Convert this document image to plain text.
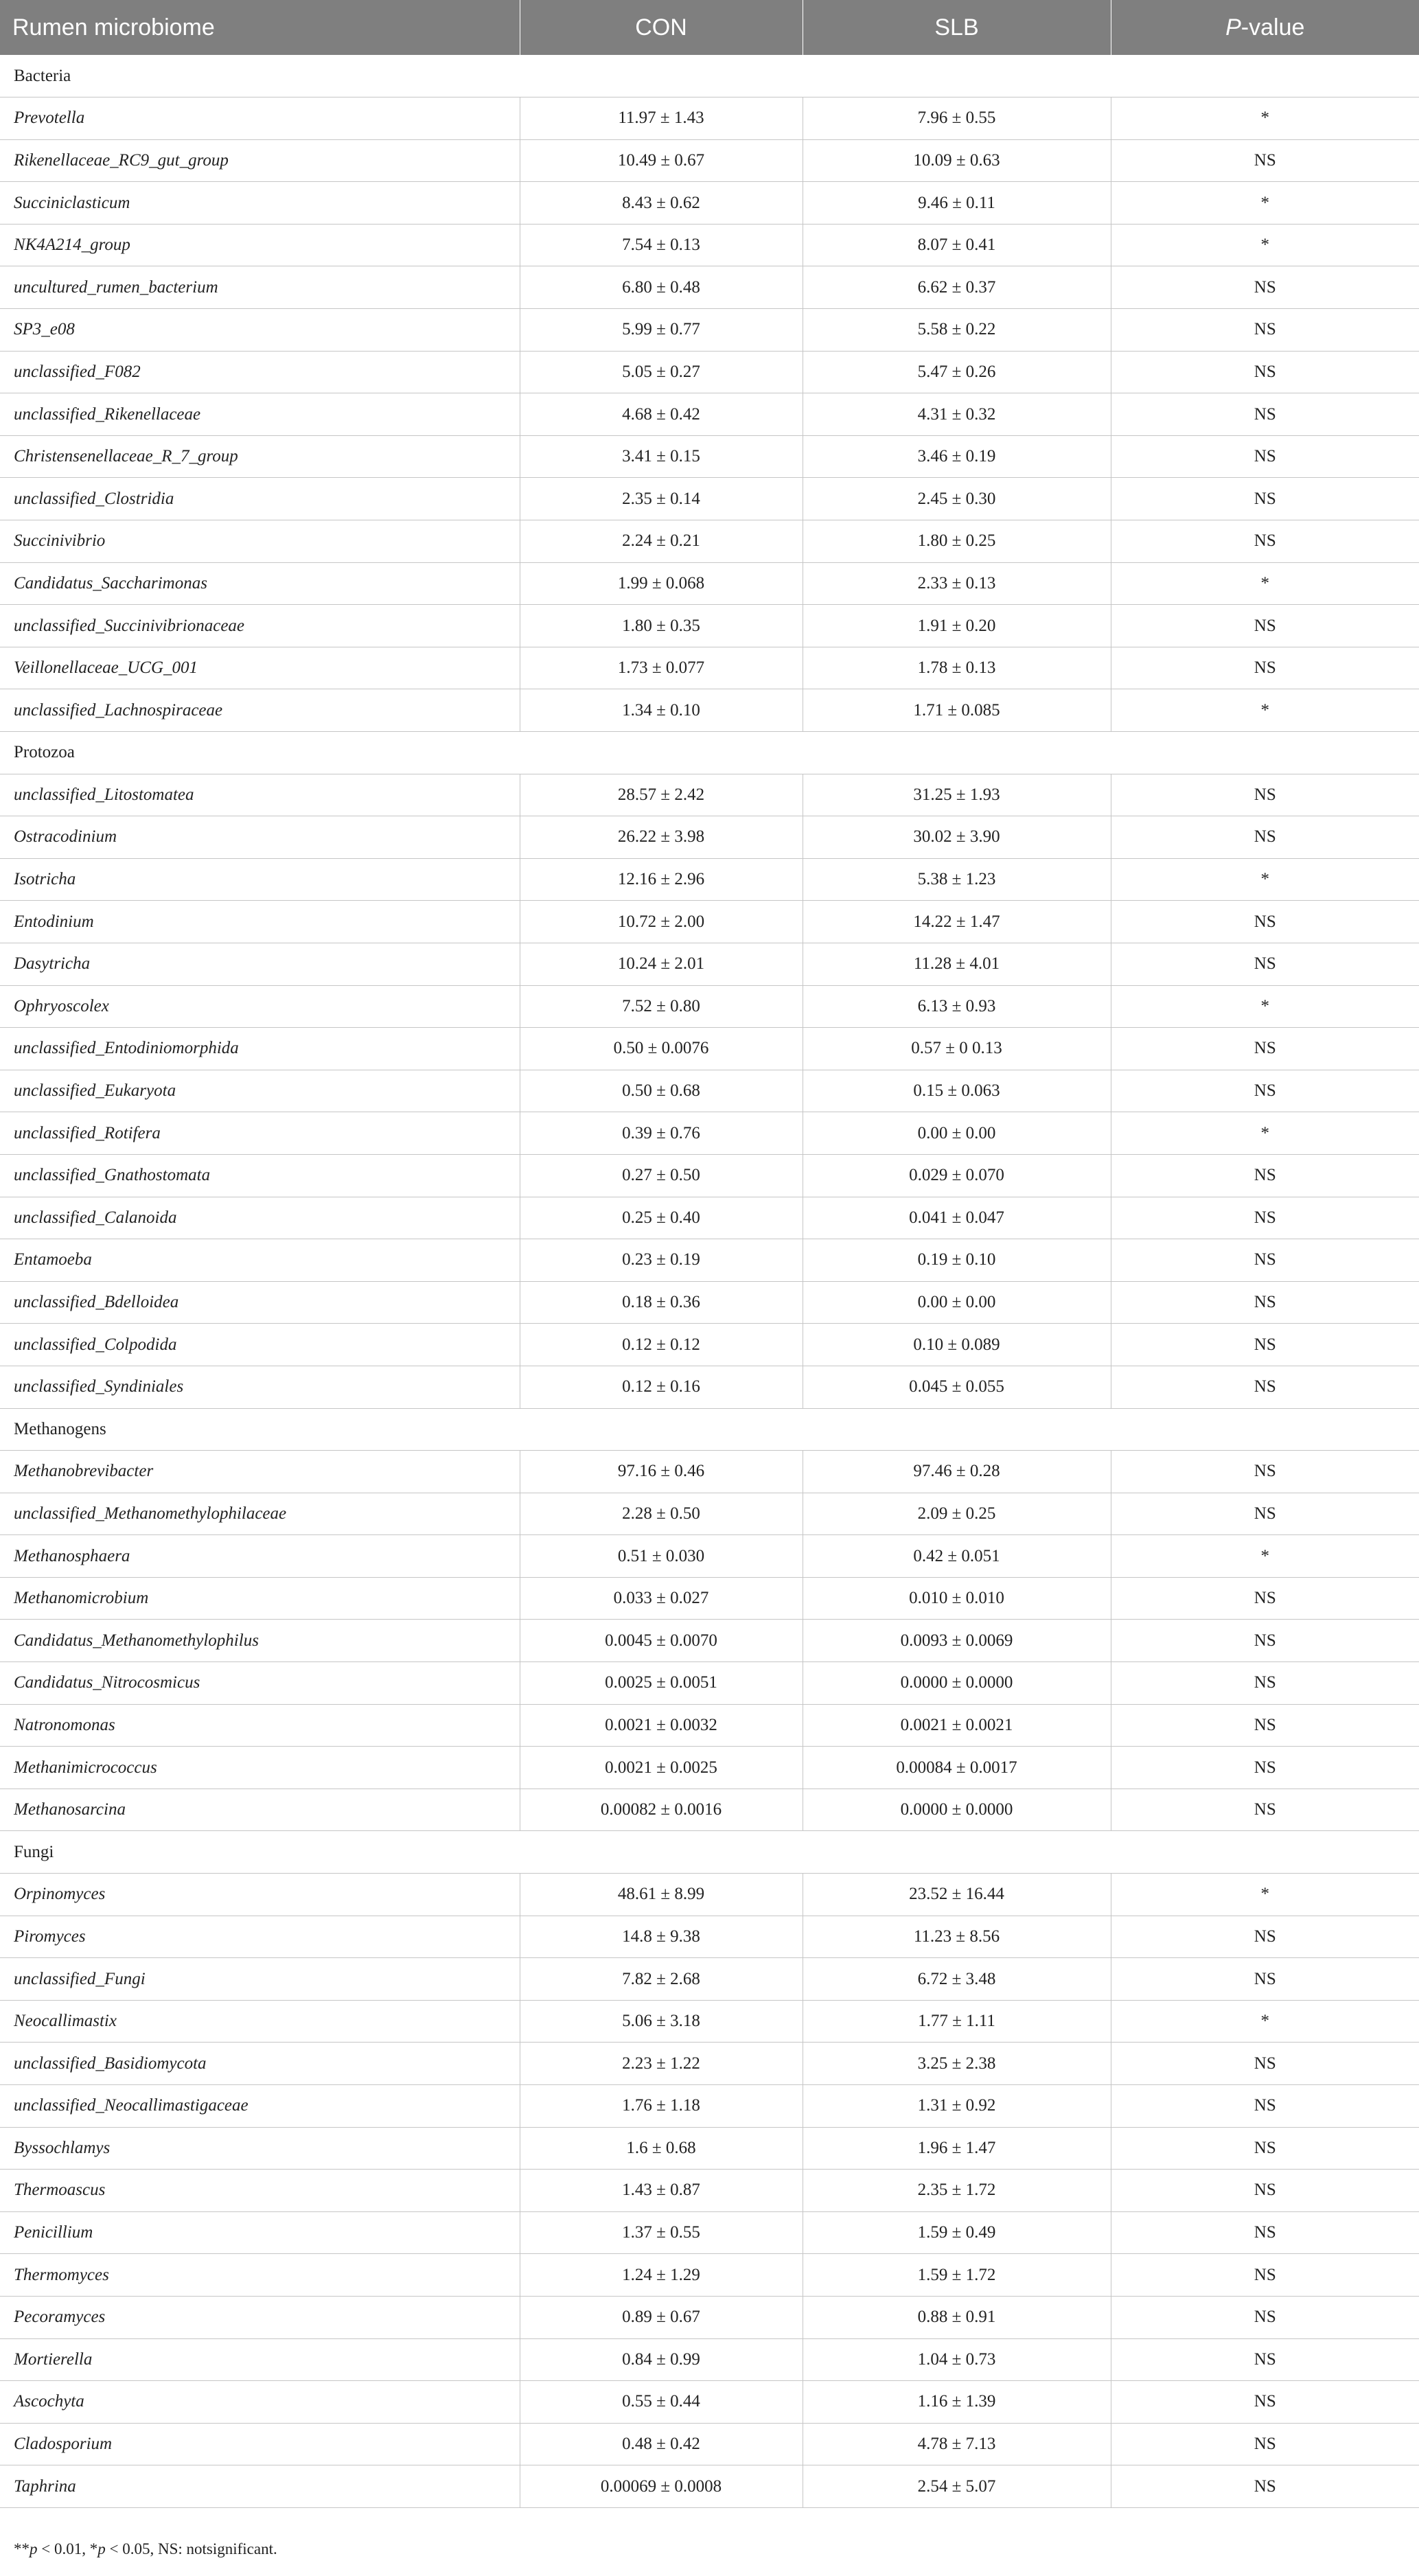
Rumen microbiome	CON	SLB	P-value
Bacteria			
Prevotella	11.97 ± 1.43	7.96 ± 0.55	*
Rikenellaceae_RC9_gut_group	10.49 ± 0.67	10.09 ± 0.63	NS
Succiniclasticum	8.43 ± 0.62	9.46 ± 0.11	*
NK4A214_group	7.54 ± 0.13	8.07 ± 0.41	*
uncultured_rumen_bacterium	6.80 ± 0.48	6.62 ± 0.37	NS
SP3_e08	5.99 ± 0.77	5.58 ± 0.22	NS
unclassified_F082	5.05 ± 0.27	5.47 ± 0.26	NS
unclassified_Rikenellaceae	4.68 ± 0.42	4.31 ± 0.32	NS
Christensenellaceae_R_7_group	3.41 ± 0.15	3.46 ± 0.19	NS
unclassified_Clostridia	2.35 ± 0.14	2.45 ± 0.30	NS
Succinivibrio	2.24 ± 0.21	1.80 ± 0.25	NS
Candidatus_Saccharimonas	1.99 ± 0.068	2.33 ± 0.13	*
unclassified_Succinivibrionaceae	1.80 ± 0.35	1.91 ± 0.20	NS
Veillonellaceae_UCG_001	1.73 ± 0.077	1.78 ± 0.13	NS
unclassified_Lachnospiraceae	1.34 ± 0.10	1.71 ± 0.085	*
Protozoa			
unclassified_Litostomatea	28.57 ± 2.42	31.25 ± 1.93	NS
Ostracodinium	26.22 ± 3.98	30.02 ± 3.90	NS
Isotricha	12.16 ± 2.96	5.38 ± 1.23	*
Entodinium	10.72 ± 2.00	14.22 ± 1.47	NS
Dasytricha	10.24 ± 2.01	11.28 ± 4.01	NS
Ophryoscolex	7.52 ± 0.80	6.13 ± 0.93	*
unclassified_Entodiniomorphida	0.50 ± 0.0076	0.57 ± 0 0.13	NS
unclassified_Eukaryota	0.50 ± 0.68	0.15 ± 0.063	NS
unclassified_Rotifera	0.39 ± 0.76	0.00 ± 0.00	*
unclassified_Gnathostomata	0.27 ± 0.50	0.029 ± 0.070	NS
unclassified_Calanoida	0.25 ± 0.40	0.041 ± 0.047	NS
Entamoeba	0.23 ± 0.19	0.19 ± 0.10	NS
unclassified_Bdelloidea	0.18 ± 0.36	0.00 ± 0.00	NS
unclassified_Colpodida	0.12 ± 0.12	0.10 ± 0.089	NS
unclassified_Syndiniales	0.12 ± 0.16	0.045 ± 0.055	NS
Methanogens			
Methanobrevibacter	97.16 ± 0.46	97.46 ± 0.28	NS
unclassified_Methanomethylophilaceae	2.28 ± 0.50	2.09 ± 0.25	NS
Methanosphaera	0.51 ± 0.030	0.42 ± 0.051	*
Methanomicrobium	0.033 ± 0.027	0.010 ± 0.010	NS
Candidatus_Methanomethylophilus	0.0045 ± 0.0070	0.0093 ± 0.0069	NS
Candidatus_Nitrocosmicus	0.0025 ± 0.0051	0.0000 ± 0.0000	NS
Natronomonas	0.0021 ± 0.0032	0.0021 ± 0.0021	NS
Methanimicrococcus	0.0021 ± 0.0025	0.00084 ± 0.0017	NS
Methanosarcina	0.00082 ± 0.0016	0.0000 ± 0.0000	NS
Fungi			
Orpinomyces	48.61 ± 8.99	23.52 ± 16.44	*
Piromyces	14.8 ± 9.38	11.23 ± 8.56	NS
unclassified_Fungi	7.82 ± 2.68	6.72 ± 3.48	NS
Neocallimastix	5.06 ± 3.18	1.77 ± 1.11	*
unclassified_Basidiomycota	2.23 ± 1.22	3.25 ± 2.38	NS
unclassified_Neocallimastigaceae	1.76 ± 1.18	1.31 ± 0.92	NS
Byssochlamys	1.6 ± 0.68	1.96 ± 1.47	NS
Thermoascus	1.43 ± 0.87	2.35 ± 1.72	NS
Penicillium	1.37 ± 0.55	1.59 ± 0.49	NS
Thermomyces	1.24 ± 1.29	1.59 ± 1.72	NS
Pecoramyces	0.89 ± 0.67	0.88 ± 0.91	NS
Mortierella	0.84 ± 0.99	1.04 ± 0.73	NS
Ascochyta	0.55 ± 0.44	1.16 ± 1.39	NS
Cladosporium	0.48 ± 0.42	4.78 ± 7.13	NS
Taphrina	0.00069 ± 0.0008	2.54 ± 5.07	NS
**p < 0.01, *p < 0.05, NS: notsignificant.
